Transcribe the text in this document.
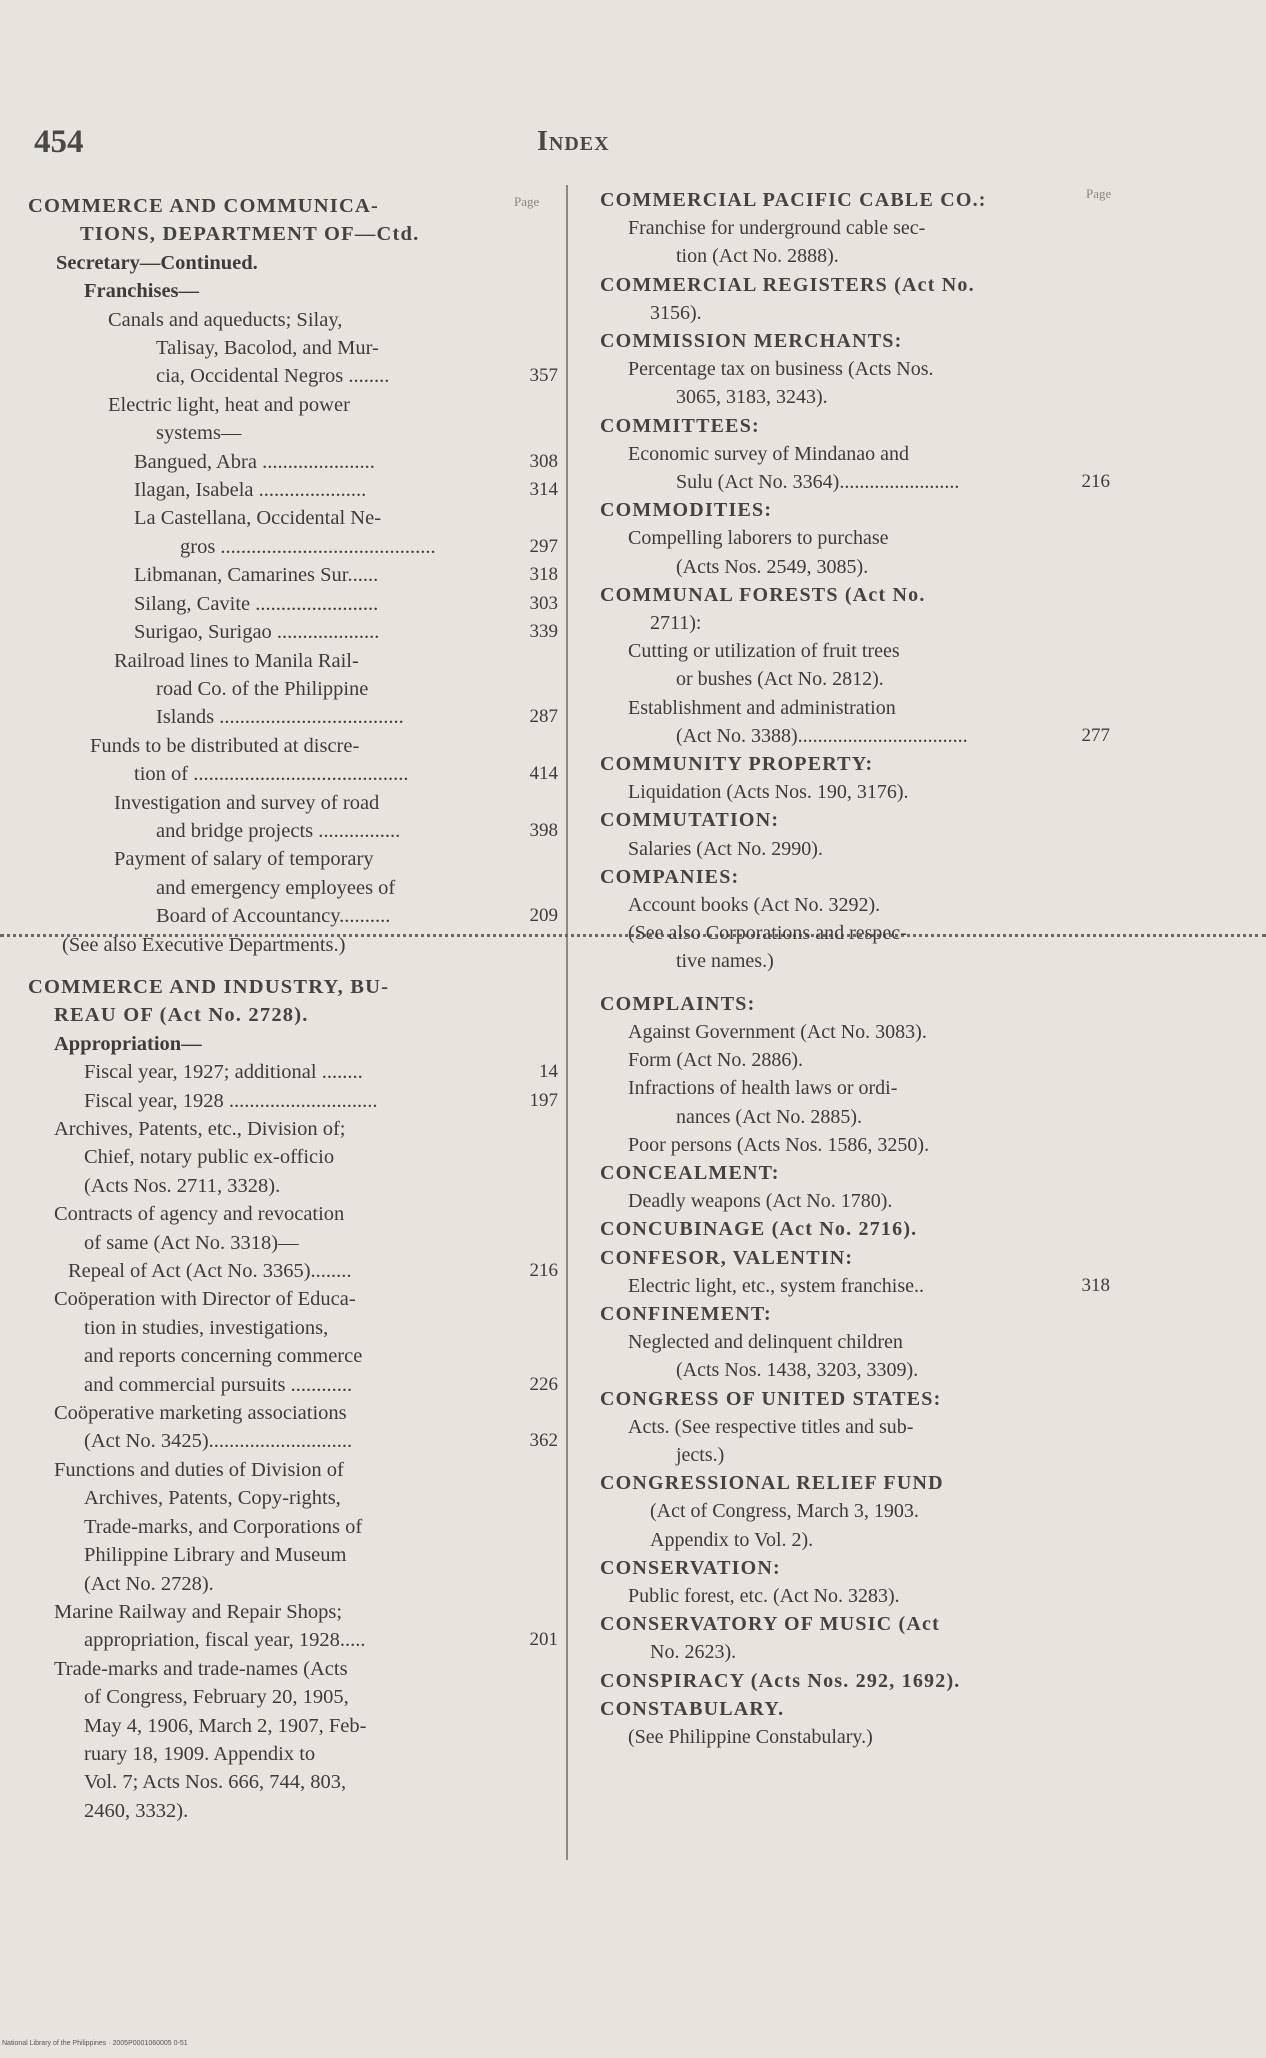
454	Index
Page
COMMERCE AND COMMUNICA-
TIONS, DEPARTMENT OF—Ctd.
Secretary—Continued.
Franchises—
Canals and aqueducts; Silay,
Talisay, Bacolod, and Mur-
cia, Occidental Negros ........	357
Electric light, heat and power
systems—
Bangued, Abra ......................	308
Ilagan, Isabela .....................	314
La Castellana, Occidental Ne-
gros ..........................................	297
Libmanan, Camarines Sur......	318
Silang, Cavite ........................	303
Surigao, Surigao ....................	339
Railroad lines to Manila Rail-
road Co. of the Philippine
Islands ....................................	287
Funds to be distributed at discre-
tion of ..........................................	414
Investigation and survey of road
and bridge projects ................	398
Payment of salary of temporary
and emergency employees of
Board of Accountancy..........	209
(See also Executive Departments.)
COMMERCE AND INDUSTRY, BU-
REAU OF (Act No. 2728).
Appropriation—
Fiscal year, 1927; additional ........	14
Fiscal year, 1928 .............................	197
Archives, Patents, etc., Division of;
Chief, notary public ex-officio
(Acts Nos. 2711, 3328).
Contracts of agency and revocation
of same (Act No. 3318)—
Repeal of Act (Act No. 3365)........	216
Coöperation with Director of Educa-
tion in studies, investigations,
and reports concerning commerce
and commercial pursuits ............	226
Coöperative marketing associations
(Act No. 3425)............................	362
Functions and duties of Division of
Archives, Patents, Copy-rights,
Trade-marks, and Corporations of
Philippine Library and Museum
(Act No. 2728).
Marine Railway and Repair Shops;
appropriation, fiscal year, 1928.....	201
Trade-marks and trade-names (Acts
of Congress, February 20, 1905,
May 4, 1906, March 2, 1907, Feb-
ruary 18, 1909. Appendix to
Vol. 7; Acts Nos. 666, 744, 803,
2460, 3332).
Page
COMMERCIAL PACIFIC CABLE CO.:
Franchise for underground cable sec-
tion (Act No. 2888).
COMMERCIAL REGISTERS (Act No.
3156).
COMMISSION MERCHANTS:
Percentage tax on business (Acts Nos.
3065, 3183, 3243).
COMMITTEES:
Economic survey of Mindanao and
Sulu (Act No. 3364)........................	216
COMMODITIES:
Compelling laborers to purchase
(Acts Nos. 2549, 3085).
COMMUNAL FORESTS (Act No.
2711):
Cutting or utilization of fruit trees
or bushes (Act No. 2812).
Establishment and administration
(Act No. 3388)..................................	277
COMMUNITY PROPERTY:
Liquidation (Acts Nos. 190, 3176).
COMMUTATION:
Salaries (Act No. 2990).
COMPANIES:
Account books (Act No. 3292).
(See also Corporations and respec-
tive names.)
COMPLAINTS:
Against Government (Act No. 3083).
Form (Act No. 2886).
Infractions of health laws or ordi-
nances (Act No. 2885).
Poor persons (Acts Nos. 1586, 3250).
CONCEALMENT:
Deadly weapons (Act No. 1780).
CONCUBINAGE (Act No. 2716).
CONFESOR, VALENTIN:
Electric light, etc., system franchise..	318
CONFINEMENT:
Neglected and delinquent children
(Acts Nos. 1438, 3203, 3309).
CONGRESS OF UNITED STATES:
Acts. (See respective titles and sub-
jects.)
CONGRESSIONAL RELIEF FUND
(Act of Congress, March 3, 1903.
Appendix to Vol. 2).
CONSERVATION:
Public forest, etc. (Act No. 3283).
CONSERVATORY OF MUSIC (Act
No. 2623).
CONSPIRACY (Acts Nos. 292, 1692).
CONSTABULARY.
(See Philippine Constabulary.)
National Library of the Philippines · 2005P0001060005 0-51
